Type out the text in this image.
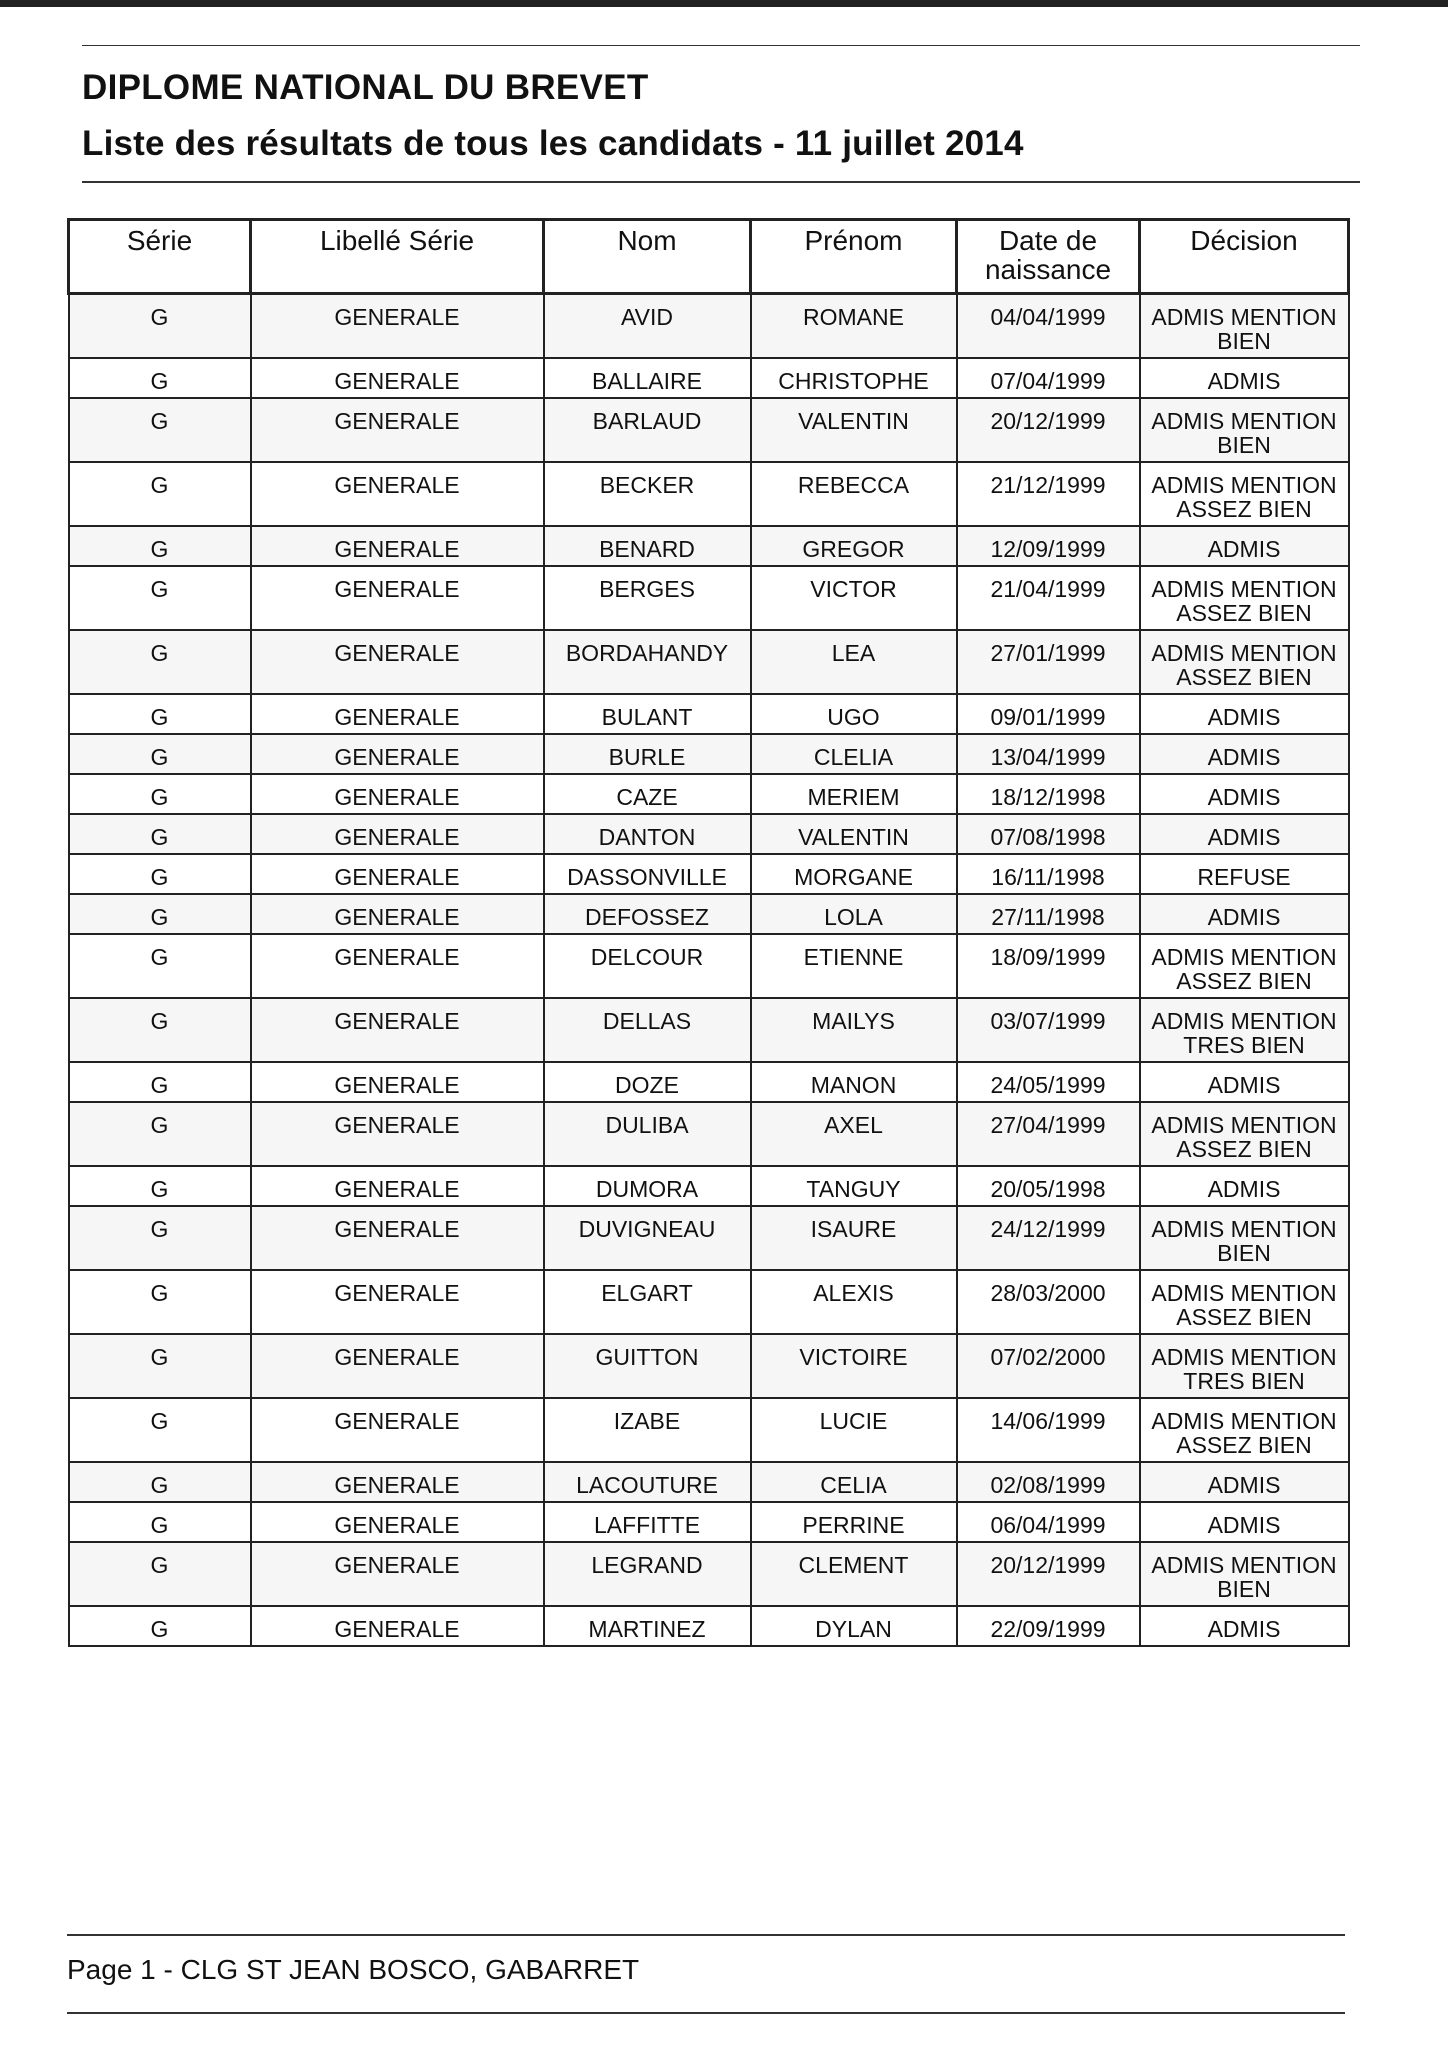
DIPLOME NATIONAL DU BREVET
Liste des résultats de tous les candidats - 11 juillet 2014
Série	Libellé Série	Nom	Prénom	Date de naissance	Décision
G	GENERALE	AVID	ROMANE	04/04/1999	ADMIS MENTION BIEN
G	GENERALE	BALLAIRE	CHRISTOPHE	07/04/1999	ADMIS
G	GENERALE	BARLAUD	VALENTIN	20/12/1999	ADMIS MENTION BIEN
G	GENERALE	BECKER	REBECCA	21/12/1999	ADMIS MENTION ASSEZ BIEN
G	GENERALE	BENARD	GREGOR	12/09/1999	ADMIS
G	GENERALE	BERGES	VICTOR	21/04/1999	ADMIS MENTION ASSEZ BIEN
G	GENERALE	BORDAHANDY	LEA	27/01/1999	ADMIS MENTION ASSEZ BIEN
G	GENERALE	BULANT	UGO	09/01/1999	ADMIS
G	GENERALE	BURLE	CLELIA	13/04/1999	ADMIS
G	GENERALE	CAZE	MERIEM	18/12/1998	ADMIS
G	GENERALE	DANTON	VALENTIN	07/08/1998	ADMIS
G	GENERALE	DASSONVILLE	MORGANE	16/11/1998	REFUSE
G	GENERALE	DEFOSSEZ	LOLA	27/11/1998	ADMIS
G	GENERALE	DELCOUR	ETIENNE	18/09/1999	ADMIS MENTION ASSEZ BIEN
G	GENERALE	DELLAS	MAILYS	03/07/1999	ADMIS MENTION TRES BIEN
G	GENERALE	DOZE	MANON	24/05/1999	ADMIS
G	GENERALE	DULIBA	AXEL	27/04/1999	ADMIS MENTION ASSEZ BIEN
G	GENERALE	DUMORA	TANGUY	20/05/1998	ADMIS
G	GENERALE	DUVIGNEAU	ISAURE	24/12/1999	ADMIS MENTION BIEN
G	GENERALE	ELGART	ALEXIS	28/03/2000	ADMIS MENTION ASSEZ BIEN
G	GENERALE	GUITTON	VICTOIRE	07/02/2000	ADMIS MENTION TRES BIEN
G	GENERALE	IZABE	LUCIE	14/06/1999	ADMIS MENTION ASSEZ BIEN
G	GENERALE	LACOUTURE	CELIA	02/08/1999	ADMIS
G	GENERALE	LAFFITTE	PERRINE	06/04/1999	ADMIS
G	GENERALE	LEGRAND	CLEMENT	20/12/1999	ADMIS MENTION BIEN
G	GENERALE	MARTINEZ	DYLAN	22/09/1999	ADMIS
Page 1 - CLG ST JEAN BOSCO, GABARRET
